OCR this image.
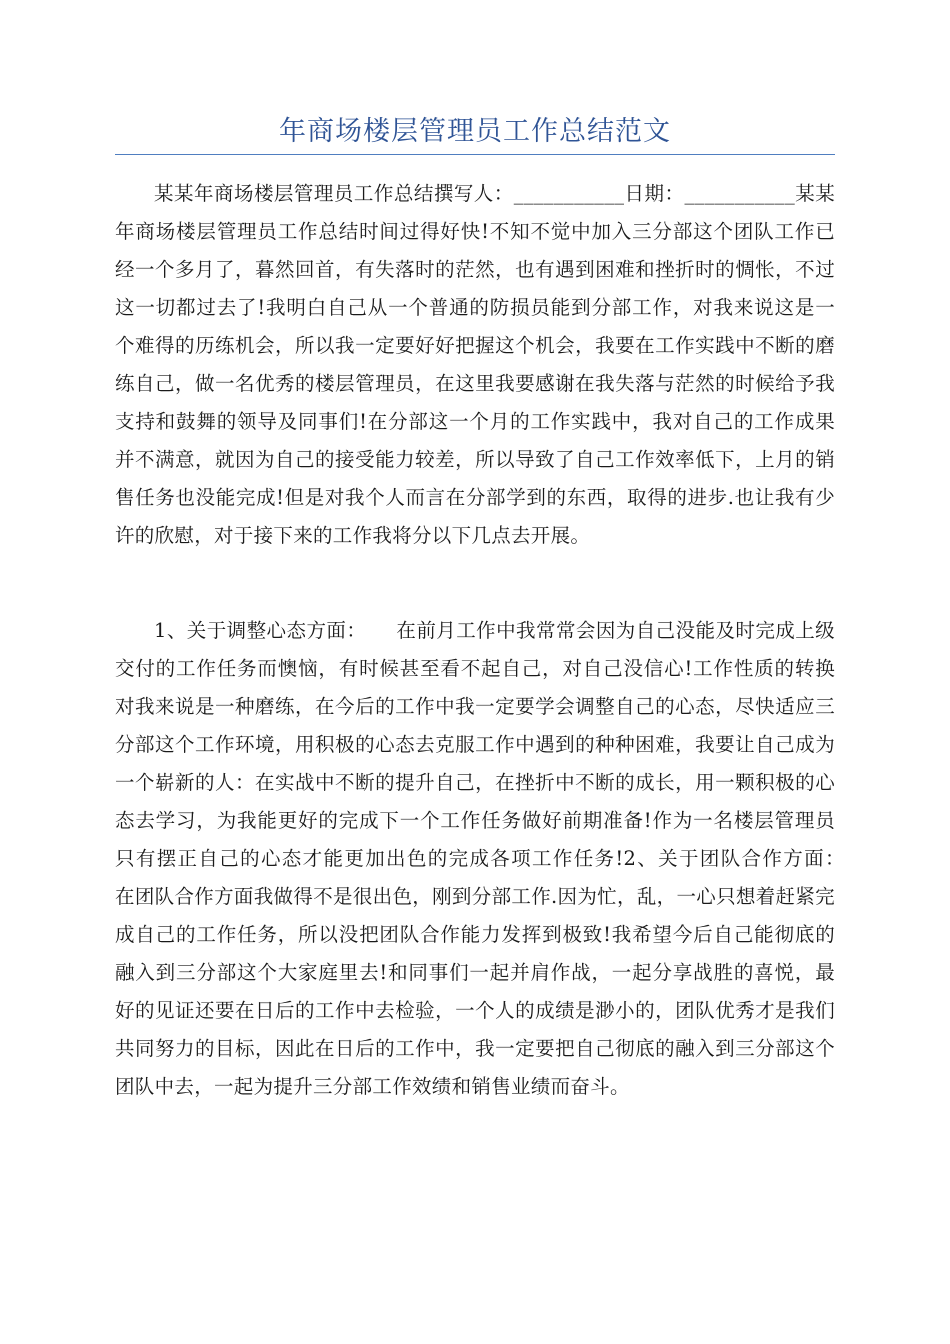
年商场楼层管理员工作总结范文

某某年商场楼层管理员工作总结撰写人：___________日期：___________某某年商场楼层管理员工作总结时间过得好快!不知不觉中加入三分部这个团队工作已经一个多月了，暮然回首，有失落时的茫然，也有遇到困难和挫折时的惆怅，不过这一切都过去了!我明白自己从一个普通的防损员能到分部工作，对我来说这是一个难得的历练机会，所以我一定要好好把握这个机会，我要在工作实践中不断的磨练自己，做一名优秀的楼层管理员，在这里我要感谢在我失落与茫然的时候给予我支持和鼓舞的领导及同事们!在分部这一个月的工作实践中，我对自己的工作成果并不满意，就因为自己的接受能力较差，所以导致了自己工作效率低下，上月的销售任务也没能完成!但是对我个人而言在分部学到的东西，取得的进步.也让我有少许的欣慰，对于接下来的工作我将分以下几点去开展。

1、关于调整心态方面：　　在前月工作中我常常会因为自己没能及时完成上级交付的工作任务而懊恼，有时候甚至看不起自己，对自己没信心!工作性质的转换对我来说是一种磨练，在今后的工作中我一定要学会调整自己的心态，尽快适应三分部这个工作环境，用积极的心态去克服工作中遇到的种种困难，我要让自己成为一个崭新的人：在实战中不断的提升自己，在挫折中不断的成长，用一颗积极的心态去学习，为我能更好的完成下一个工作任务做好前期准备!作为一名楼层管理员只有摆正自己的心态才能更加出色的完成各项工作任务!2、关于团队合作方面：　　在团队合作方面我做得不是很出色，刚到分部工作.因为忙，乱，一心只想着赶紧完成自己的工作任务，所以没把团队合作能力发挥到极致!我希望今后自己能彻底的融入到三分部这个大家庭里去!和同事们一起并肩作战，一起分享战胜的喜悦，最好的见证还要在日后的工作中去检验，一个人的成绩是渺小的，团队优秀才是我们共同努力的目标，因此在日后的工作中，我一定要把自己彻底的融入到三分部这个团队中去，一起为提升三分部工作效绩和销售业绩而奋斗。
